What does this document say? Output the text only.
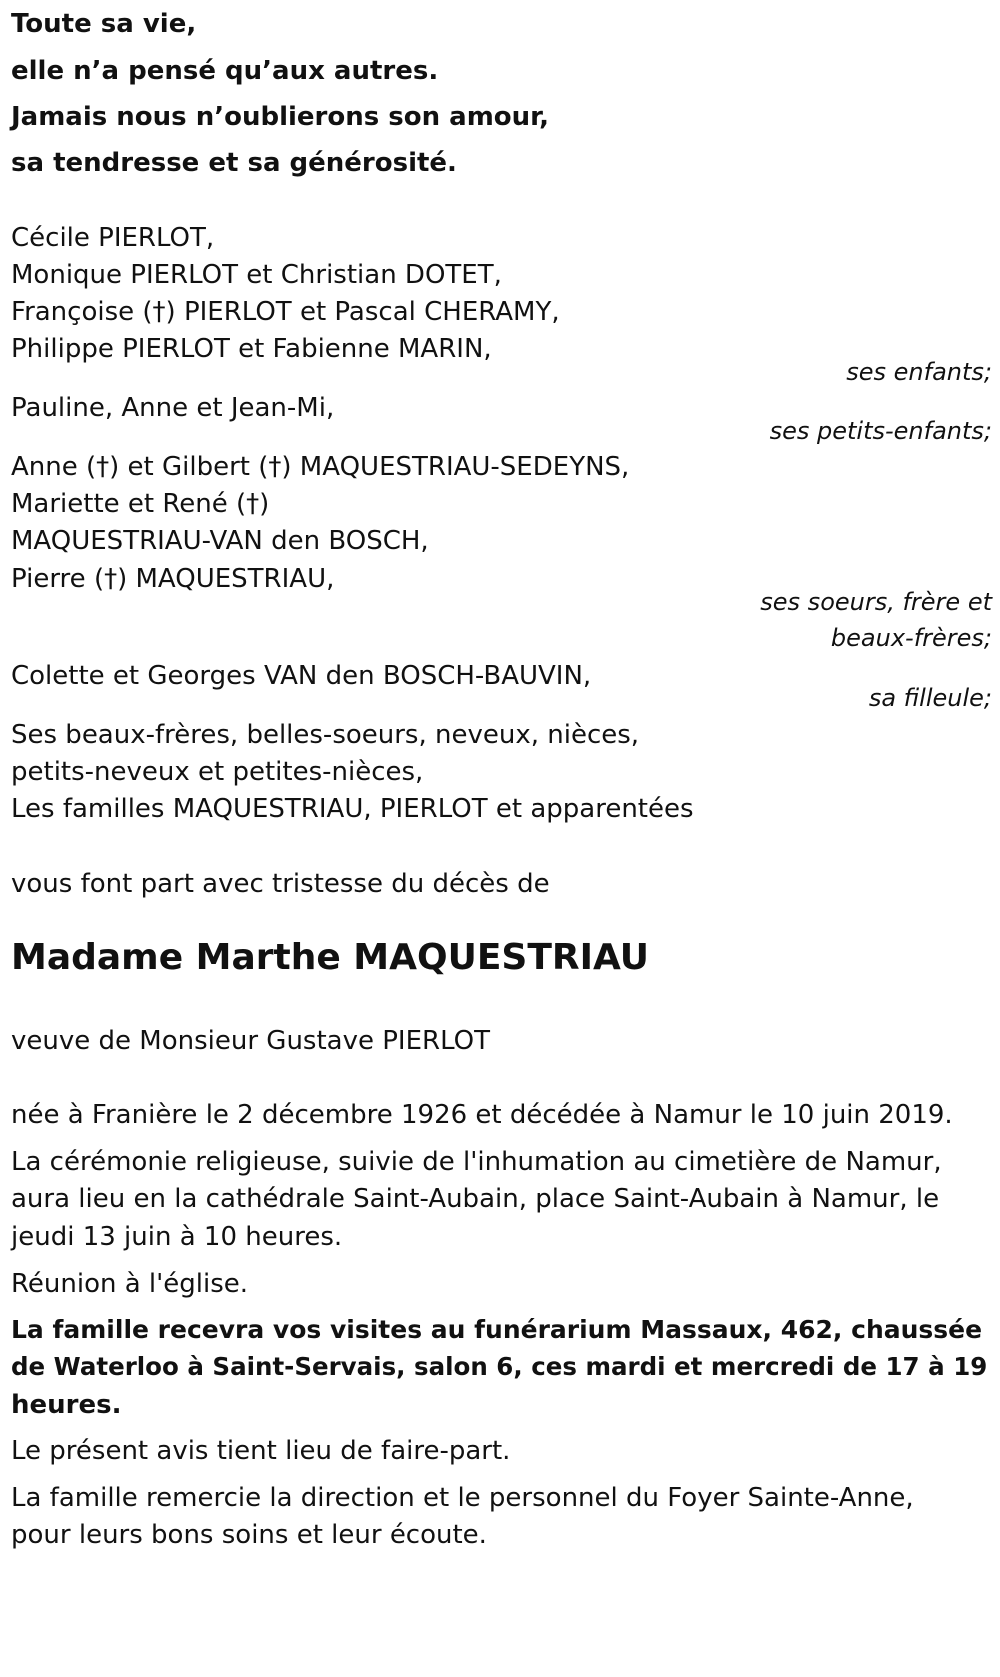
Toute sa vie,
elle n’a pensé qu’aux autres.
Jamais nous n’oublierons son amour,
sa tendresse et sa générosité.
Cécile PIERLOT,
Monique PIERLOT et Christian DOTET,
Françoise (†) PIERLOT et Pascal CHERAMY,
Philippe PIERLOT et Fabienne MARIN,
ses enfants;
Pauline, Anne et Jean-Mi,
ses petits-enfants;
Anne (†) et Gilbert (†) MAQUESTRIAU-SEDEYNS,
Mariette et René (†)
MAQUESTRIAU-VAN den BOSCH,
Pierre (†) MAQUESTRIAU,
ses soeurs, frère et
beaux-frères;
Colette et Georges VAN den BOSCH-BAUVIN,
sa filleule;
Ses beaux-frères, belles-soeurs, neveux, nièces,
petits-neveux et petites-nièces,
Les familles MAQUESTRIAU, PIERLOT et apparentées
vous font part avec tristesse du décès de
Madame Marthe MAQUESTRIAU
veuve de Monsieur Gustave PIERLOT
née à Franière le 2 décembre 1926 et décédée à Namur le 10 juin 2019.
La cérémonie religieuse, suivie de l'inhumation au cimetière de Namur,
aura lieu en la cathédrale Saint-Aubain, place Saint-Aubain à Namur, le
jeudi 13 juin à 10 heures.
Réunion à l'église.
La famille recevra vos visites au funérarium Massaux, 462, chaussée
de Waterloo à Saint-Servais, salon 6, ces mardi et mercredi de 17 à 19
heures.
Le présent avis tient lieu de faire-part.
La famille remercie la direction et le personnel du Foyer Sainte-Anne,
pour leurs bons soins et leur écoute.
